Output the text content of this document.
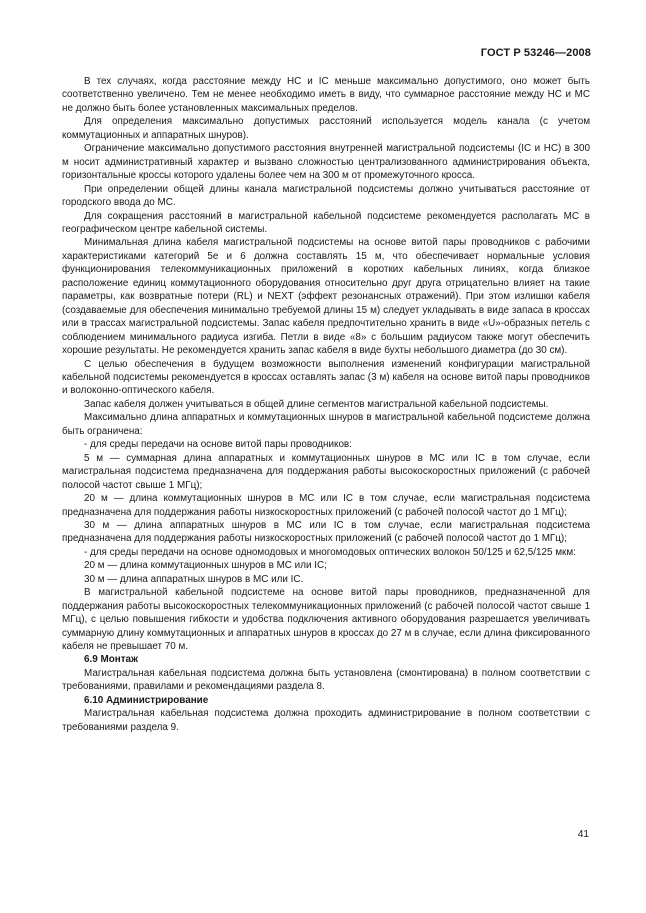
ГОСТ Р 53246—2008

В тех случаях, когда расстояние между HC и IC меньше максимально допустимого, оно может быть соответственно увеличено. Тем не менее необходимо иметь в виду, что суммарное расстояние между HC и MC не должно быть более установленных максимальных пределов.

Для определения максимально допустимых расстояний используется модель канала (с учетом коммутационных и аппаратных шнуров).

Ограничение максимально допустимого расстояния внутренней магистральной подсистемы (IC и HC) в 300 м носит административный характер и вызвано сложностью централизованного администрирования объекта, горизонтальные кроссы которого удалены более чем на 300 м от промежуточного кросса.

При определении общей длины канала магистральной подсистемы должно учитываться расстояние от городского ввода до MC.

Для сокращения расстояний в магистральной кабельной подсистеме рекомендуется располагать MC в географическом центре кабельной системы.

Минимальная длина кабеля магистральной подсистемы на основе витой пары проводников с рабочими характеристиками категорий 5e и 6 должна составлять 15 м, что обеспечивает нормальные условия функционирования телекоммуникационных приложений в коротких кабельных линиях, когда близкое расположение единиц коммутационного оборудования относительно друг друга отрицательно влияет на такие параметры, как возвратные потери (RL) и NEXT (эффект резонансных отражений). При этом излишки кабеля (создаваемые для обеспечения минимально требуемой длины 15 м) следует укладывать в виде запаса в кроссах или в трассах магистральной подсистемы. Запас кабеля предпочтительно хранить в виде «U»-образных петель с соблюдением минимального радиуса изгиба. Петли в виде «8» с большим радиусом также могут обеспечить хорошие результаты. Не рекомендуется хранить запас кабеля в виде бухты небольшого диаметра (до 30 см).

С целью обеспечения в будущем возможности выполнения изменений конфигурации магистральной кабельной подсистемы рекомендуется в кроссах оставлять запас (3 м) кабеля на основе витой пары проводников и волоконно-оптического кабеля.

Запас кабеля должен учитываться в общей длине сегментов магистральной кабельной подсистемы.

Максимально длина аппаратных и коммутационных шнуров в магистральной кабельной подсистеме должна быть ограничена:

- для среды передачи на основе витой пары проводников:

5 м — суммарная длина аппаратных и коммутационных шнуров в MC или IC в том случае, если магистральная подсистема предназначена для поддержания работы высокоскоростных приложений (с рабочей полосой частот свыше 1 МГц);

20 м — длина коммутационных шнуров в MC или IC в том случае, если магистральная подсистема предназначена для поддержания работы низкоскоростных приложений (с рабочей полосой частот до 1 МГц);

30 м — длина аппаратных шнуров в MC или IC в том случае, если магистральная подсистема предназначена для поддержания работы низкоскоростных приложений (с рабочей полосой частот до 1 МГц);

- для среды передачи на основе одномодовых и многомодовых оптических волокон 50/125 и 62,5/125 мкм:

20 м — длина коммутационных шнуров в MC или IC;

30 м — длина аппаратных шнуров в MC или IC.

В магистральной кабельной подсистеме на основе витой пары проводников, предназначенной для поддержания работы высокоскоростных телекоммуникационных приложений (с рабочей полосой частот свыше 1 МГц), с целью повышения гибкости и удобства подключения активного оборудования разрешается увеличивать суммарную длину коммутационных и аппаратных шнуров в кроссах до 27 м в случае, если длина фиксированного кабеля не превышает 70 м.

6.9 Монтаж

Магистральная кабельная подсистема должна быть установлена (смонтирована) в полном соответствии с требованиями, правилами и рекомендациями раздела 8.

6.10 Администрирование

Магистральная кабельная подсистема должна проходить администрирование в полном соответствии с требованиями раздела 9.

41
